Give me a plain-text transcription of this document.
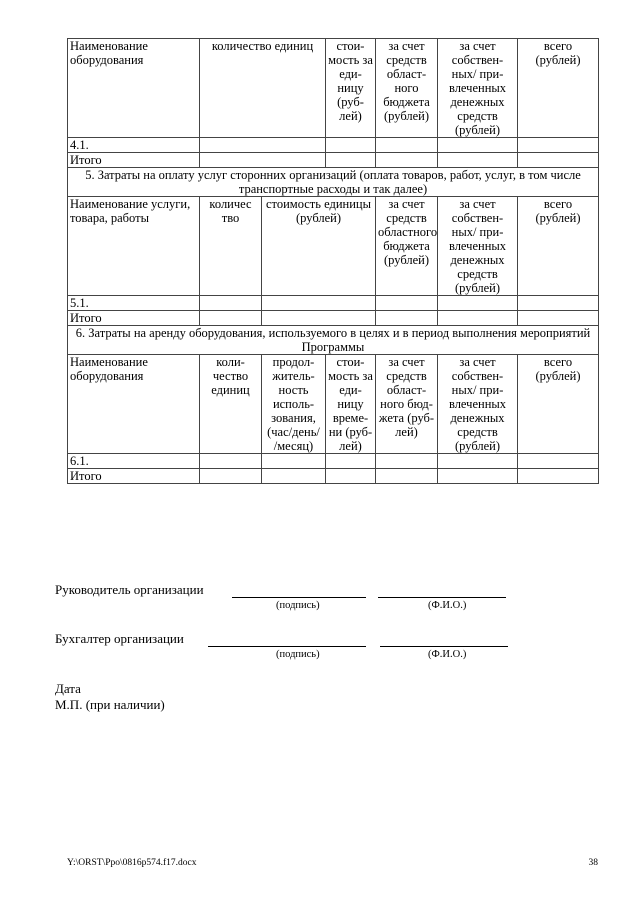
Наименование оборудования	количество единиц		стои-мость за еди-ницу (руб-лей)	за счет средств област-ного бюджета (рублей)	за счет собствен-ных/ при-влеченных денежных средств (рублей)	всего (рублей)
4.1.						
Итого						
5. Затраты на оплату услуг сторонних организаций (оплата товаров, работ, услуг, в том числе транспортные расходы и так далее)						
Наименование услуги, товара, работы	количес тво	стоимость единицы (рублей)		за счет средств областного бюджета (рублей)	за счет собствен-ных/ при-влеченных денежных средств (рублей)	всего (рублей)
5.1.						
Итого						
6. Затраты на аренду оборудования, используемого в целях и в период выполнения мероприятий Программы						
Наименование оборудования	коли-чество единиц	продол-житель-ность исполь-зования, (час/день/ /месяц)	стои-мость за еди-ницу време-ни (руб-лей)	за счет средств област-ного бюд-жета (руб-лей)	за счет собствен-ных/ при-влеченных денежных средств (рублей)	всего (рублей)
6.1.						
Итого						
Руководитель организации
(подпись)	(Ф.И.О.)
Бухгалтер организации
(подпись)	(Ф.И.О.)
Дата
М.П. (при наличии)
Y:\ORST\Ppo\0816p574.f17.docx	38
